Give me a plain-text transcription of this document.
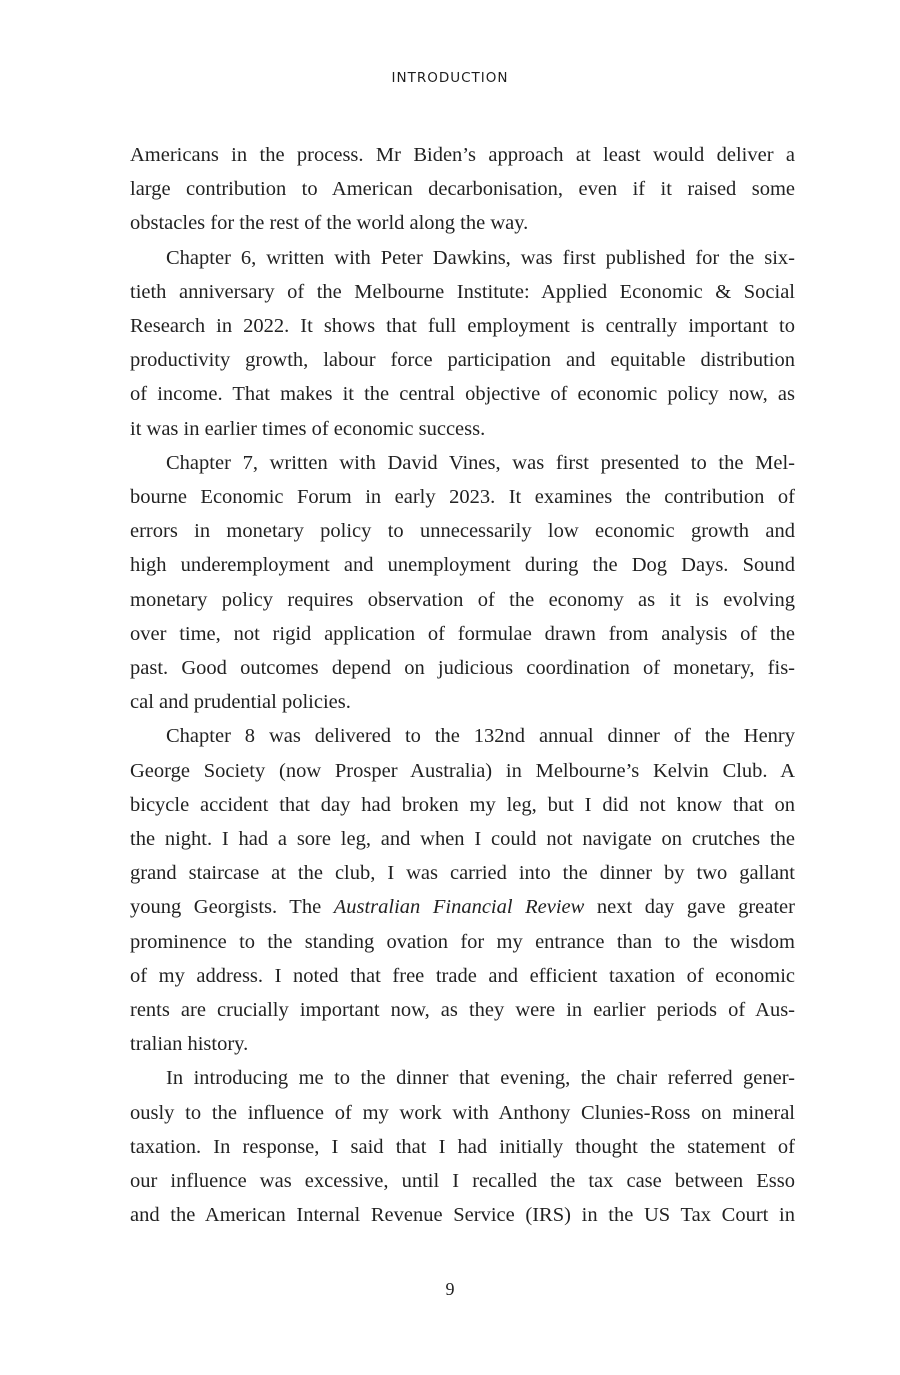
INTRODUCTION
Americans in the process. Mr Biden’s approach at least would deliver a
large contribution to American decarbonisation, even if it raised some
obstacles for the rest of the world along the way.
Chapter 6, written with Peter Dawkins, was first published for the six-
tieth anniversary of the Melbourne Institute: Applied Economic & Social
Research in 2022. It shows that full employment is centrally important to
productivity growth, labour force participation and equitable distribution
of income. That makes it the central objective of economic policy now, as
it was in earlier times of economic success.
Chapter 7, written with David Vines, was first presented to the Mel-
bourne Economic Forum in early 2023. It examines the contribution of
errors in monetary policy to unnecessarily low economic growth and
high underemployment and unemployment during the Dog Days. Sound
monetary policy requires observation of the economy as it is evolving
over time, not rigid application of formulae drawn from analysis of the
past. Good outcomes depend on judicious coordination of monetary, fis-
cal and prudential policies.
Chapter 8 was delivered to the 132nd annual dinner of the Henry
George Society (now Prosper Australia) in Melbourne’s Kelvin Club. A
bicycle accident that day had broken my leg, but I did not know that on
the night. I had a sore leg, and when I could not navigate on crutches the
grand staircase at the club, I was carried into the dinner by two gallant
young Georgists. The Australian Financial Review next day gave greater
prominence to the standing ovation for my entrance than to the wisdom
of my address. I noted that free trade and efficient taxation of economic
rents are crucially important now, as they were in earlier periods of Aus-
tralian history.
In introducing me to the dinner that evening, the chair referred gener-
ously to the influence of my work with Anthony Clunies-Ross on mineral
taxation. In response, I said that I had initially thought the statement of
our influence was excessive, until I recalled the tax case between Esso
and the American Internal Revenue Service (IRS) in the US Tax Court in
9
